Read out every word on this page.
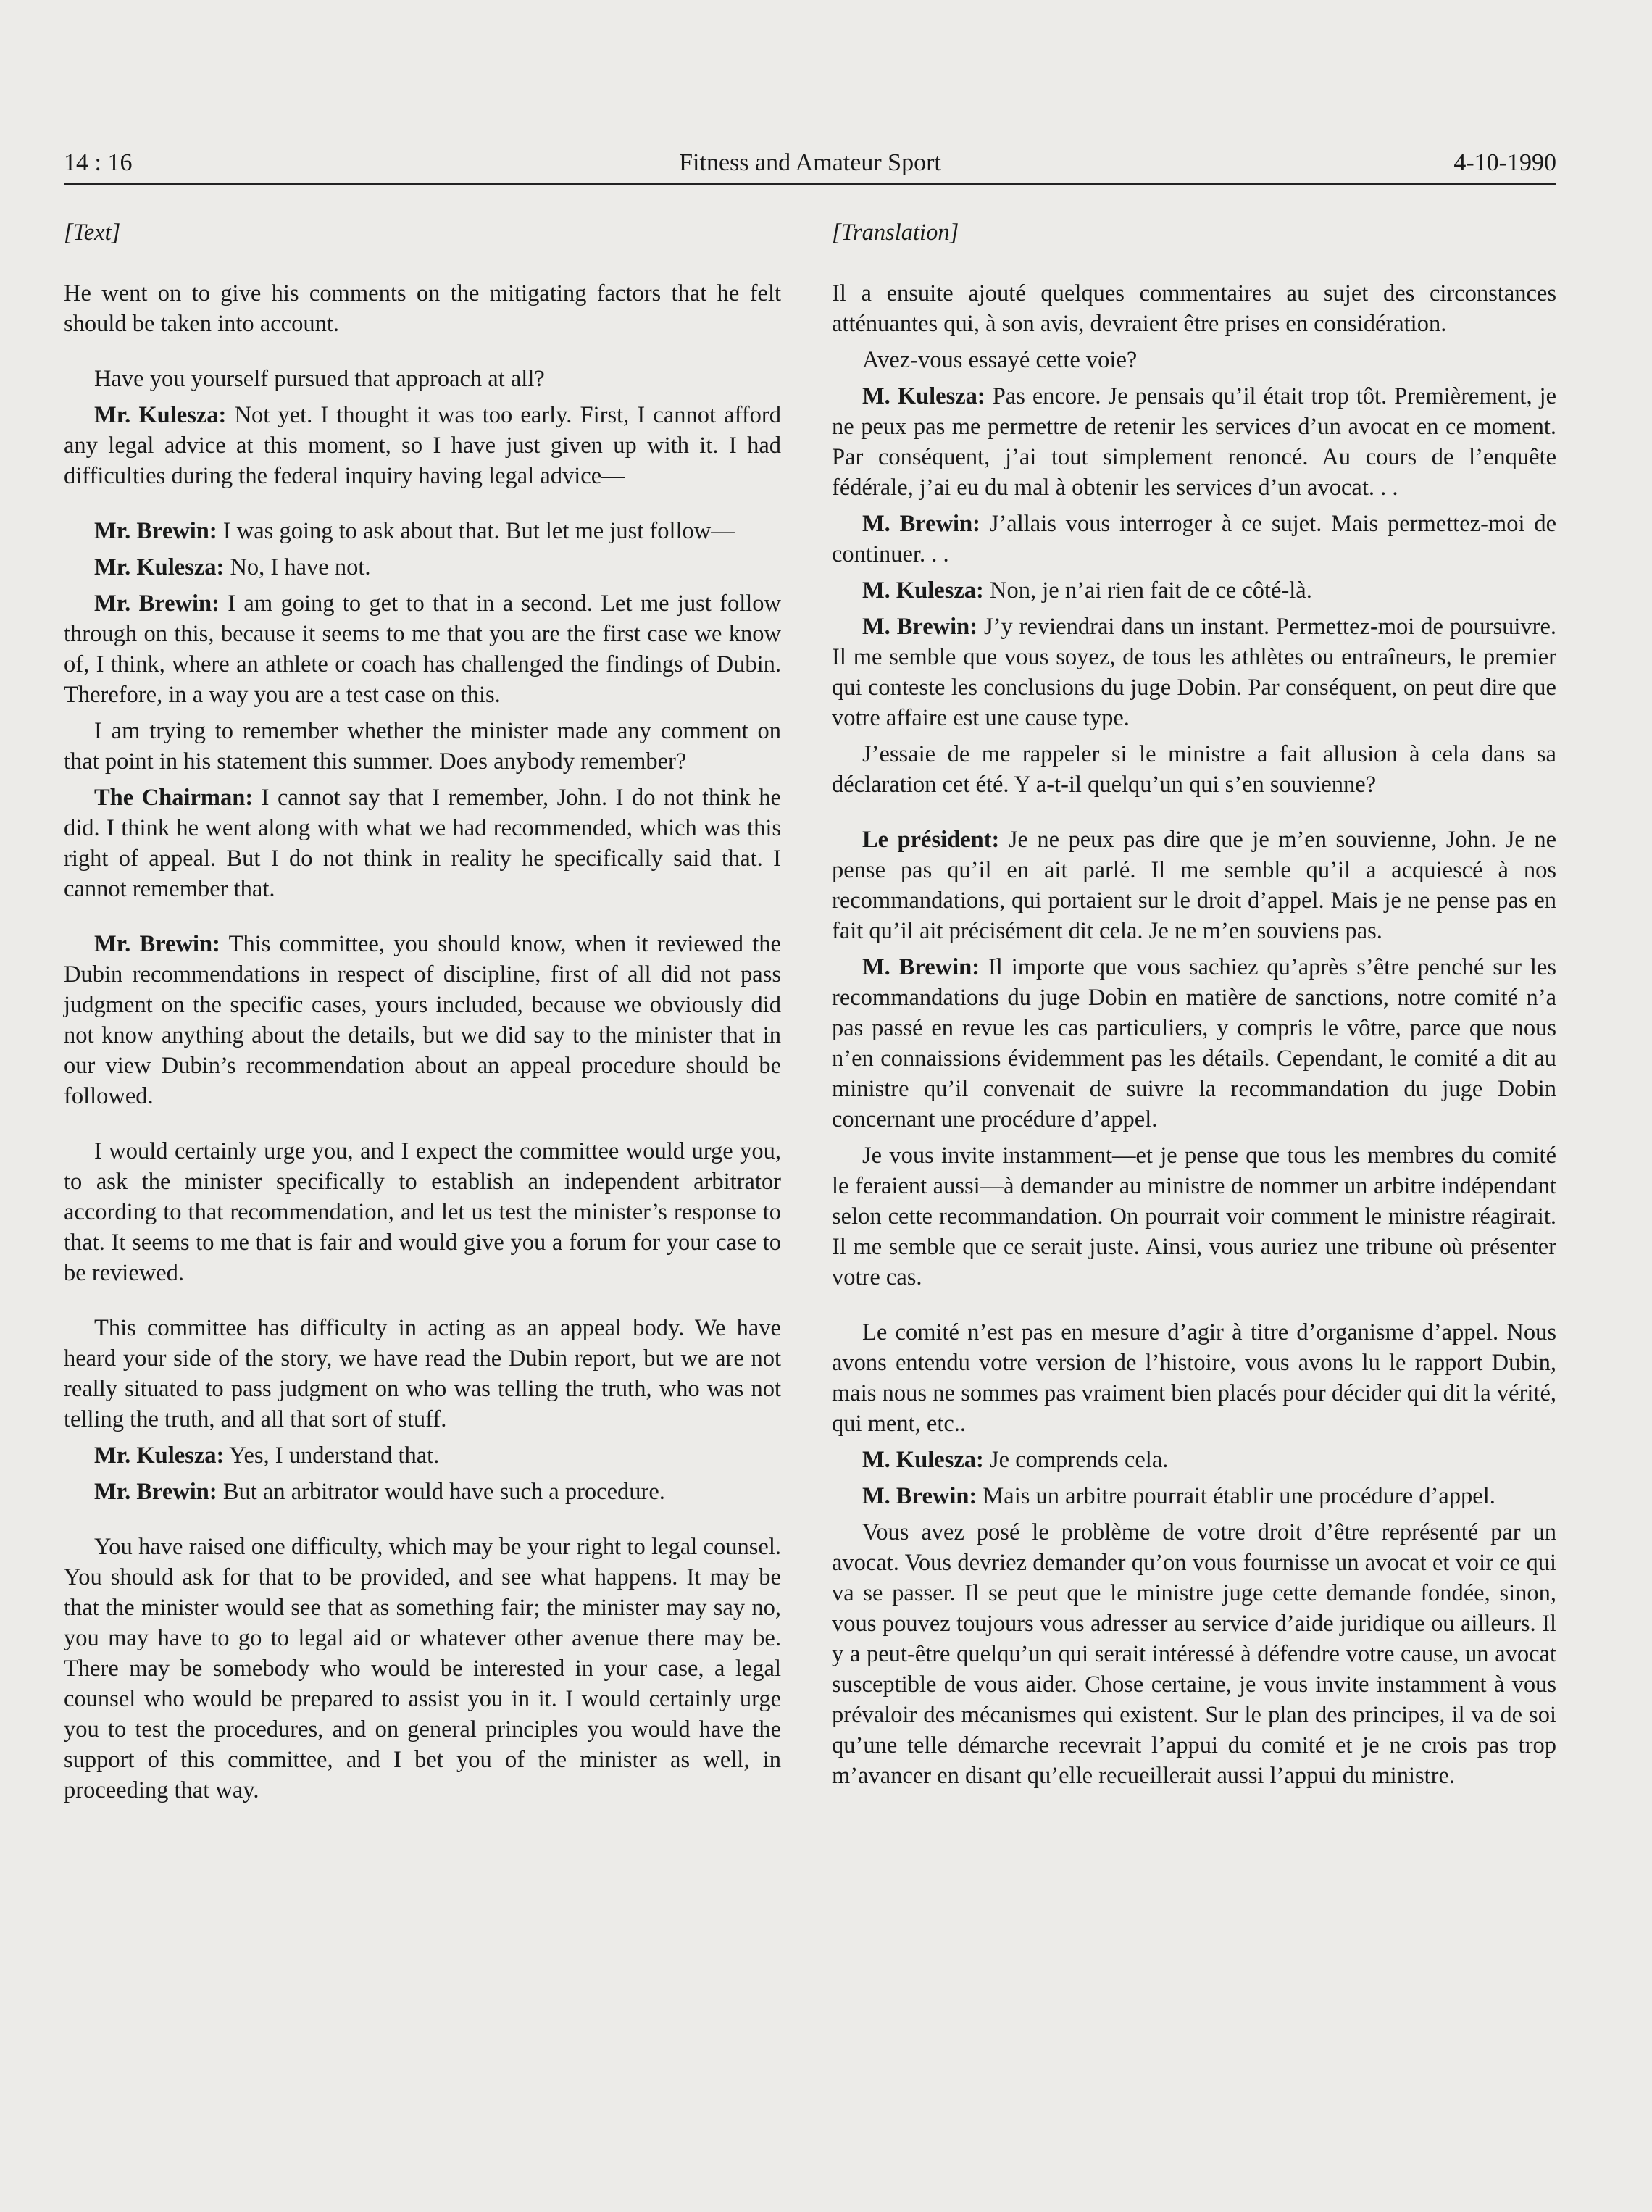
14 : 16	Fitness and Amateur Sport	4-10-1990
[Text]

He went on to give his comments on the mitigating factors that he felt should be taken into account.

Have you yourself pursued that approach at all?

Mr. Kulesza: Not yet. I thought it was too early. First, I cannot afford any legal advice at this moment, so I have just given up with it. I had difficulties during the federal inquiry having legal advice—

Mr. Brewin: I was going to ask about that. But let me just follow—

Mr. Kulesza: No, I have not.

Mr. Brewin: I am going to get to that in a second. Let me just follow through on this, because it seems to me that you are the first case we know of, I think, where an athlete or coach has challenged the findings of Dubin. Therefore, in a way you are a test case on this.

I am trying to remember whether the minister made any comment on that point in his statement this summer. Does anybody remember?

The Chairman: I cannot say that I remember, John. I do not think he did. I think he went along with what we had recommended, which was this right of appeal. But I do not think in reality he specifically said that. I cannot remember that.

Mr. Brewin: This committee, you should know, when it reviewed the Dubin recommendations in respect of discipline, first of all did not pass judgment on the specific cases, yours included, because we obviously did not know anything about the details, but we did say to the minister that in our view Dubin’s recommendation about an appeal procedure should be followed.

I would certainly urge you, and I expect the committee would urge you, to ask the minister specifically to establish an independent arbitrator according to that recommendation, and let us test the minister’s response to that. It seems to me that is fair and would give you a forum for your case to be reviewed.

This committee has difficulty in acting as an appeal body. We have heard your side of the story, we have read the Dubin report, but we are not really situated to pass judgment on who was telling the truth, who was not telling the truth, and all that sort of stuff.

Mr. Kulesza: Yes, I understand that.

Mr. Brewin: But an arbitrator would have such a procedure.

You have raised one difficulty, which may be your right to legal counsel. You should ask for that to be provided, and see what happens. It may be that the minister would see that as something fair; the minister may say no, you may have to go to legal aid or whatever other avenue there may be. There may be somebody who would be interested in your case, a legal counsel who would be prepared to assist you in it. I would certainly urge you to test the procedures, and on general principles you would have the support of this committee, and I bet you of the minister as well, in proceeding that way.

[Translation]

Il a ensuite ajouté quelques commentaires au sujet des circonstances atténuantes qui, à son avis, devraient être prises en considération.

Avez-vous essayé cette voie?

M. Kulesza: Pas encore. Je pensais qu’il était trop tôt. Premièrement, je ne peux pas me permettre de retenir les services d’un avocat en ce moment. Par conséquent, j’ai tout simplement renoncé. Au cours de l’enquête fédérale, j’ai eu du mal à obtenir les services d’un avocat. . .

M. Brewin: J’allais vous interroger à ce sujet. Mais permettez-moi de continuer. . .

M. Kulesza: Non, je n’ai rien fait de ce côté-là.

M. Brewin: J’y reviendrai dans un instant. Permettez-moi de poursuivre. Il me semble que vous soyez, de tous les athlètes ou entraîneurs, le premier qui conteste les conclusions du juge Dobin. Par conséquent, on peut dire que votre affaire est une cause type.

J’essaie de me rappeler si le ministre a fait allusion à cela dans sa déclaration cet été. Y a-t-il quelqu’un qui s’en souvienne?

Le président: Je ne peux pas dire que je m’en souvienne, John. Je ne pense pas qu’il en ait parlé. Il me semble qu’il a acquiescé à nos recommandations, qui portaient sur le droit d’appel. Mais je ne pense pas en fait qu’il ait précisément dit cela. Je ne m’en souviens pas.

M. Brewin: Il importe que vous sachiez qu’après s’être penché sur les recommandations du juge Dobin en matière de sanctions, notre comité n’a pas passé en revue les cas particuliers, y compris le vôtre, parce que nous n’en connaissions évidemment pas les détails. Cependant, le comité a dit au ministre qu’il convenait de suivre la recommandation du juge Dobin concernant une procédure d’appel.

Je vous invite instamment—et je pense que tous les membres du comité le feraient aussi—à demander au ministre de nommer un arbitre indépendant selon cette recommandation. On pourrait voir comment le ministre réagirait. Il me semble que ce serait juste. Ainsi, vous auriez une tribune où présenter votre cas.

Le comité n’est pas en mesure d’agir à titre d’organisme d’appel. Nous avons entendu votre version de l’histoire, vous avons lu le rapport Dubin, mais nous ne sommes pas vraiment bien placés pour décider qui dit la vérité, qui ment, etc..

M. Kulesza: Je comprends cela.

M. Brewin: Mais un arbitre pourrait établir une procédure d’appel.

Vous avez posé le problème de votre droit d’être représenté par un avocat. Vous devriez demander qu’on vous fournisse un avocat et voir ce qui va se passer. Il se peut que le ministre juge cette demande fondée, sinon, vous pouvez toujours vous adresser au service d’aide juridique ou ailleurs. Il y a peut-être quelqu’un qui serait intéressé à défendre votre cause, un avocat susceptible de vous aider. Chose certaine, je vous invite instamment à vous prévaloir des mécanismes qui existent. Sur le plan des principes, il va de soi qu’une telle démarche recevrait l’appui du comité et je ne crois pas trop m’avancer en disant qu’elle recueillerait aussi l’appui du ministre.
